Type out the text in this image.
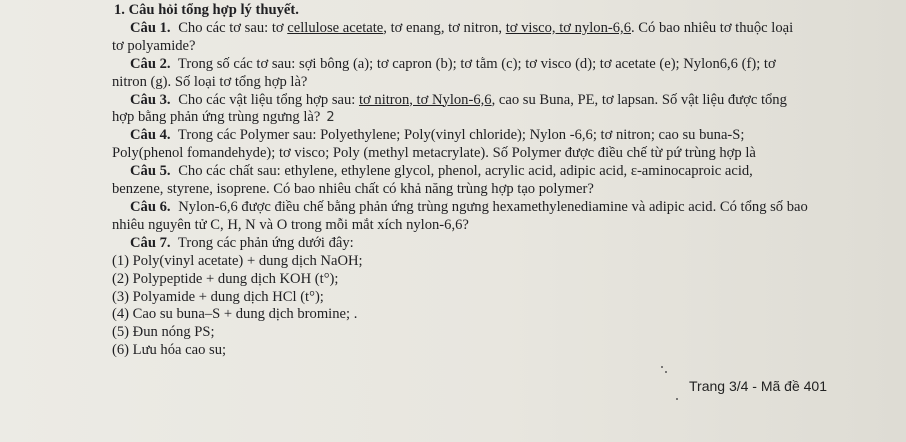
1. Câu hỏi tổng hợp lý thuyết.
Câu 1. Cho các tơ sau: tơ cellulose acetate, tơ enang, tơ nitron, tơ visco, tơ nylon-6,6. Có bao nhiêu tơ thuộc loại
tơ polyamide?
Câu 2. Trong số các tơ sau: sợi bông (a); tơ capron (b); tơ tằm (c); tơ visco (d); tơ acetate (e); Nylon6,6 (f); tơ
nitron (g). Số loại tơ tổng hợp là?
Câu 3. Cho các vật liệu tổng hợp sau: tơ nitron, tơ Nylon-6,6, cao su Buna, PE, tơ lapsan. Số vật liệu được tổng
hợp bằng phản ứng trùng ngưng là? 2
Câu 4. Trong các Polymer sau: Polyethylene; Poly(vinyl chloride); Nylon -6,6; tơ nitron; cao su buna-S;
Poly(phenol fomandehyde); tơ visco; Poly (methyl metacrylate). Số Polymer được điều chế từ pứ trùng hợp là
Câu 5. Cho các chất sau: ethylene, ethylene glycol, phenol, acrylic acid, adipic acid, ε-aminocaproic acid,
benzene, styrene, isoprene. Có bao nhiêu chất có khả năng trùng hợp tạo polymer?
Câu 6. Nylon-6,6 được điều chế bằng phản ứng trùng ngưng hexamethylenediamine và adipic acid. Có tổng số bao
nhiêu nguyên tử C, H, N và O trong mỗi mắt xích nylon-6,6?
Câu 7. Trong các phản ứng dưới đây:
(1) Poly(vinyl acetate) + dung dịch NaOH;
(2) Polypeptide + dung dịch KOH (t°);
(3) Polyamide + dung dịch HCl (t°);
(4) Cao su buna–S + dung dịch bromine; .
(5) Đun nóng PS;
(6) Lưu hóa cao su;
Trang 3/4 - Mã đề 401
